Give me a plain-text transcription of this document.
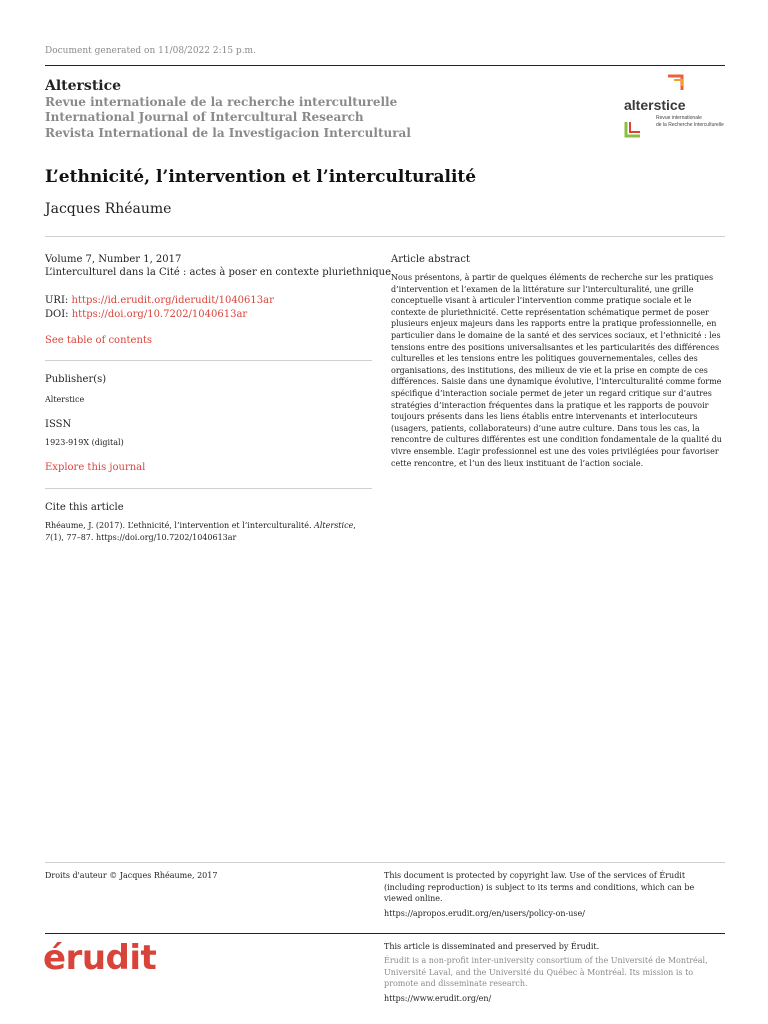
Document generated on 11/08/2022 2:15 p.m.
Alterstice
Revue internationale de la recherche interculturelle
International Journal of Intercultural Research
Revista International de la Investigacion Intercultural
alterstice
Revue internationale
de la Recherche Interculturelle
L’ethnicité, l’intervention et l’interculturalité
Jacques Rhéaume
Volume 7, Number 1, 2017
L’interculturel dans la Cité : actes à poser en contexte pluriethnique
URI: https://id.erudit.org/iderudit/1040613ar
DOI: https://doi.org/10.7202/1040613ar
See table of contents
Publisher(s)
Alterstice
ISSN
1923-919X (digital)
Explore this journal
Cite this article
Rhéaume, J. (2017). L’ethnicité, l’intervention et l’interculturalité. Alterstice, 7(1), 77–87. https://doi.org/10.7202/1040613ar
Article abstract
Nous présentons, à partir de quelques éléments de recherche sur les pratiques d’intervention et l’examen de la littérature sur l’interculturalité, une grille conceptuelle visant à articuler l’intervention comme pratique sociale et le contexte de pluriethnicité. Cette représentation schématique permet de poser plusieurs enjeux majeurs dans les rapports entre la pratique professionnelle, en particulier dans le domaine de la santé et des services sociaux, et l’ethnicité : les tensions entre des positions universalisantes et les particularités des différences culturelles et les tensions entre les politiques gouvernementales, celles des organisations, des institutions, des milieux de vie et la prise en compte de ces différences. Saisie dans une dynamique évolutive, l’interculturalité comme forme spécifique d’interaction sociale permet de jeter un regard critique sur d’autres stratégies d’interaction fréquentes dans la pratique et les rapports de pouvoir toujours présents dans les liens établis entre intervenants et interlocuteurs (usagers, patients, collaborateurs) d’une autre culture. Dans tous les cas, la rencontre de cultures différentes est une condition fondamentale de la qualité du vivre ensemble. L’agir professionnel est une des voies privilégiées pour favoriser cette rencontre, et l’un des lieux instituant de l’action sociale.
Droits d'auteur © Jacques Rhéaume, 2017	This document is protected by copyright law. Use of the services of Érudit (including reproduction) is subject to its terms and conditions, which can be viewed online.
https://apropos.erudit.org/en/users/policy-on-use/
érudit	This article is disseminated and preserved by Érudit.
Érudit is a non-profit inter-university consortium of the Université de Montréal, Université Laval, and the Université du Québec à Montréal. Its mission is to promote and disseminate research.
https://www.erudit.org/en/
